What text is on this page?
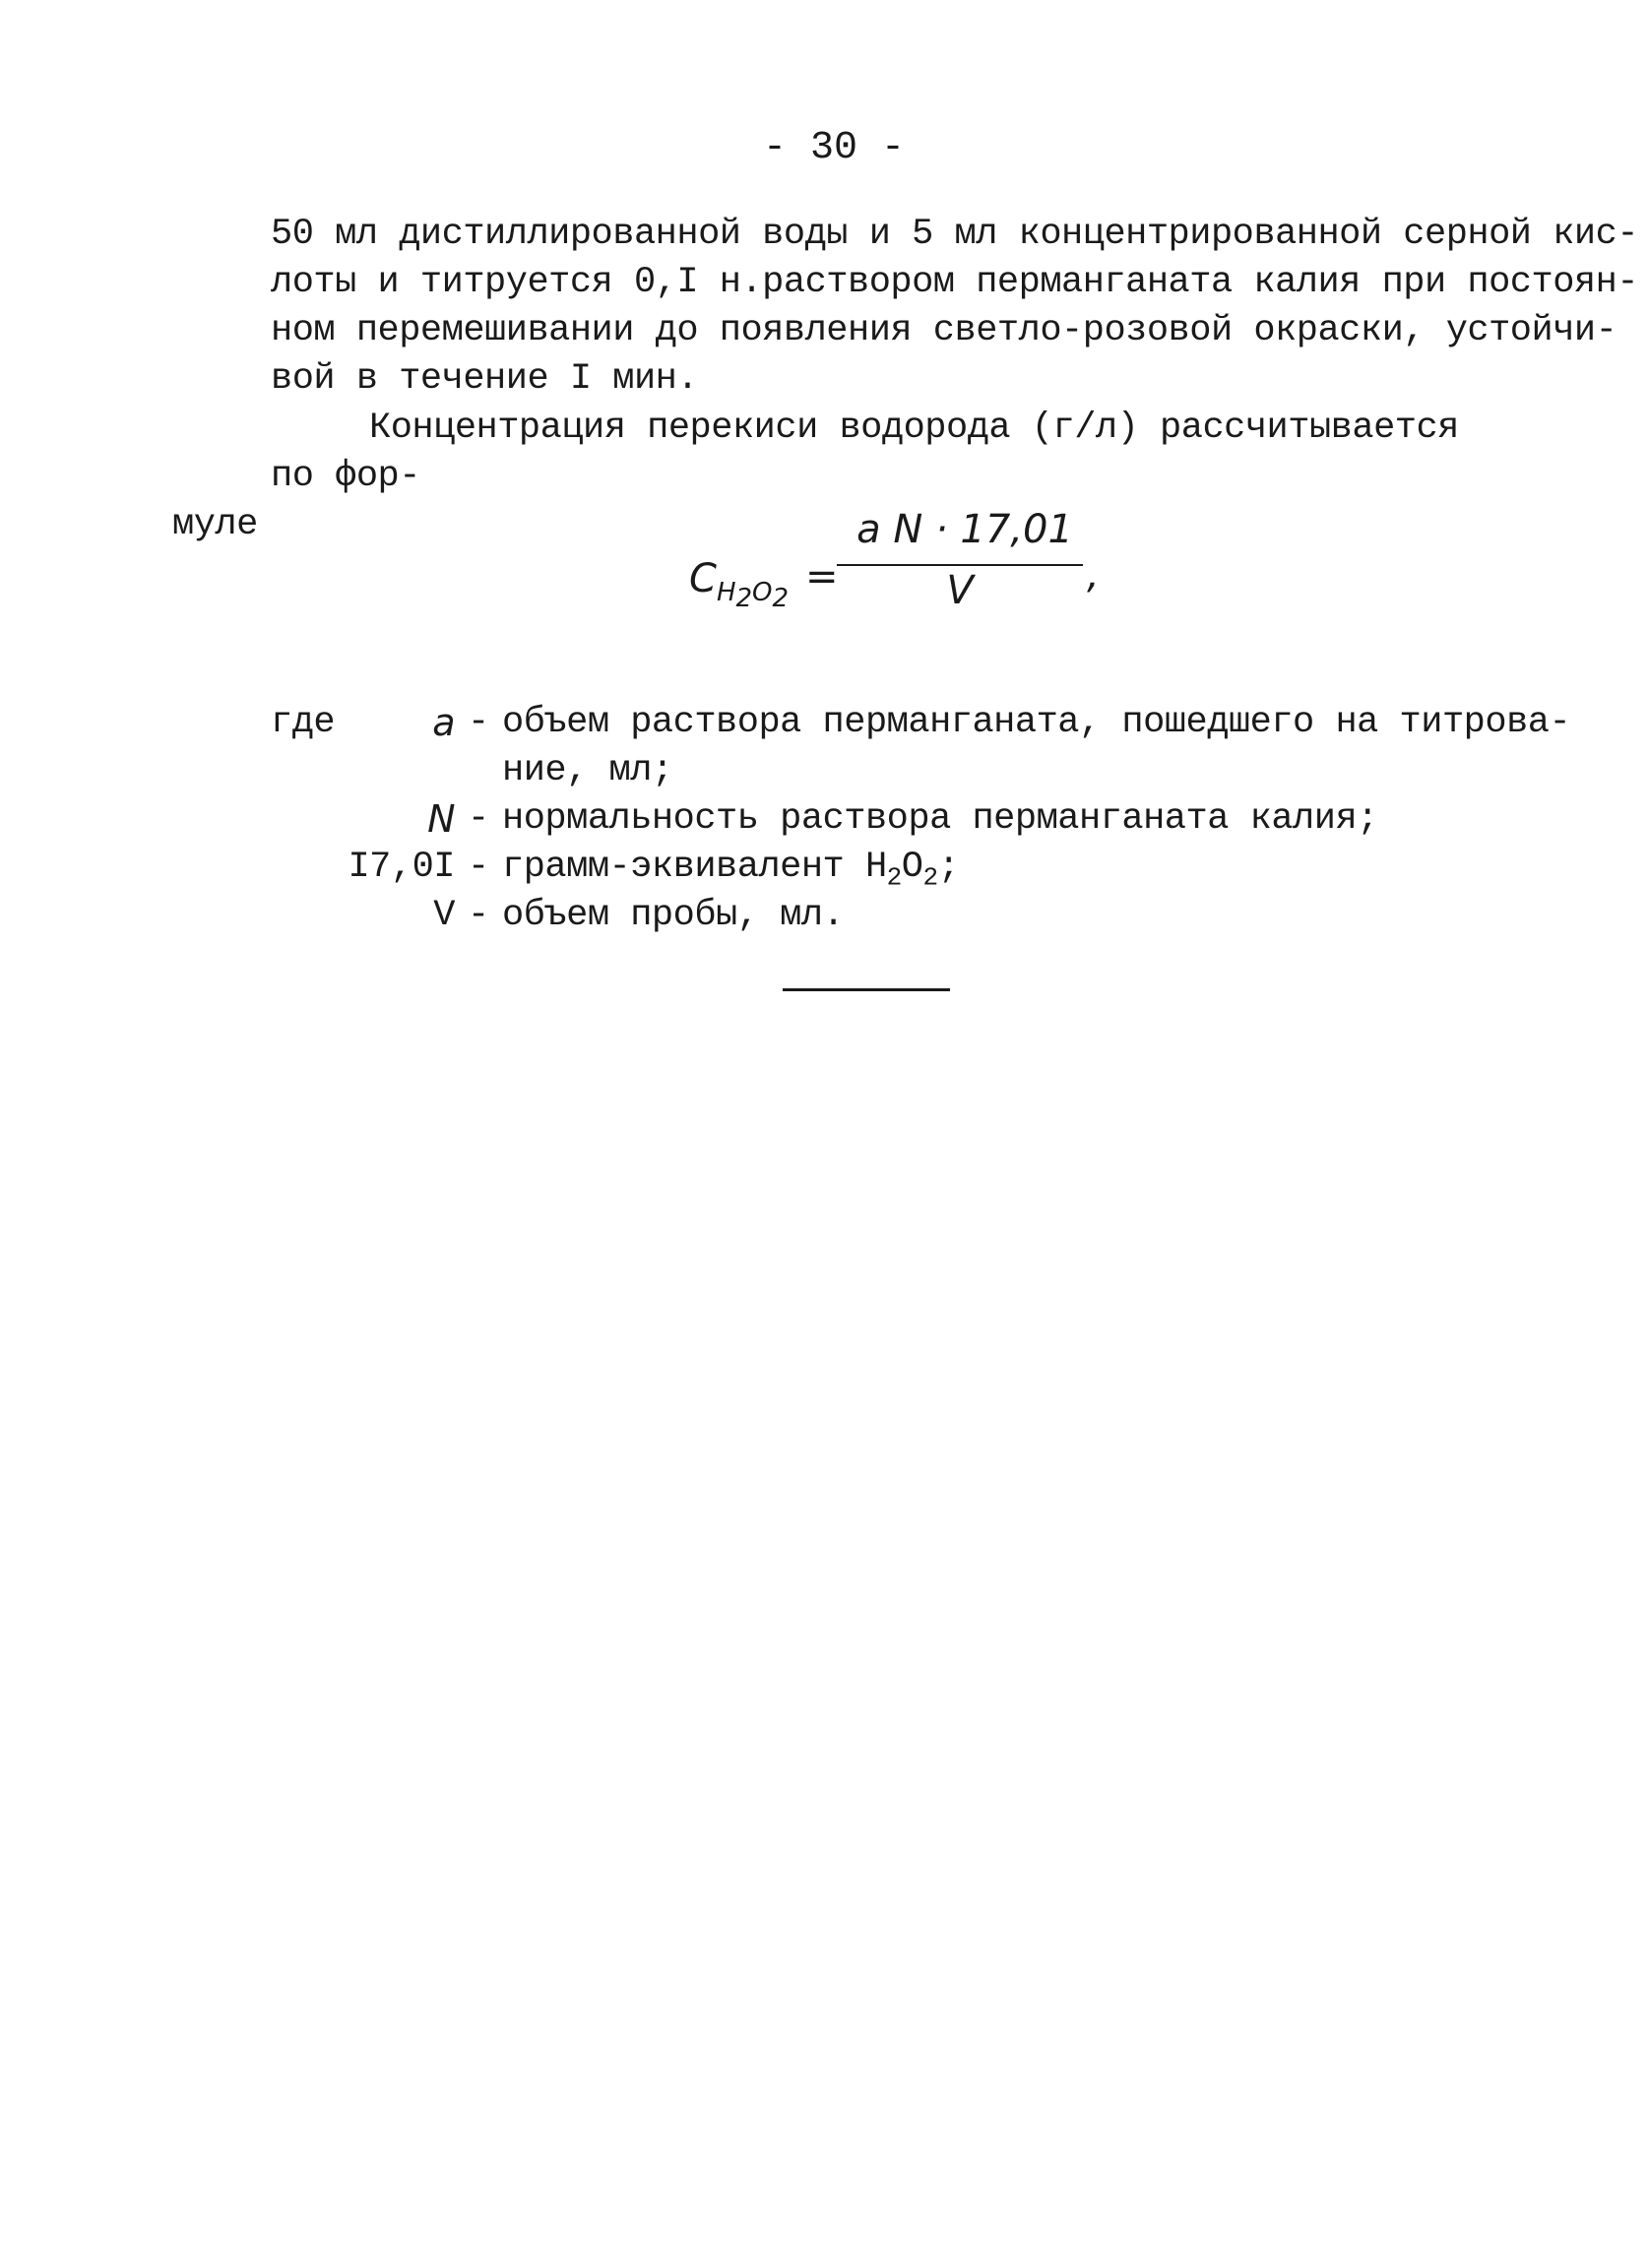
- 30 -

50 мл дистиллированной воды и 5 мл концентрированной серной кис-
лоты и титруется 0,I н.раствором перманганата калия при постоян-
ном перемешивании до появления светло-розовой окраски, устойчи-
вой в течение I мин.

Концентрация перекиси водорода (г/л) рассчитывается по фор-
муле

$C_{H_2O_2}$ =
a N · 17,01
V	,
где	a - объем раствора перманганата, пошедшего на титрова-
ние, мл;
N - нормальность раствора перманганата калия;
I7,0I - грамм-эквивалент $H_2O_2$;
V - объем пробы, мл.
